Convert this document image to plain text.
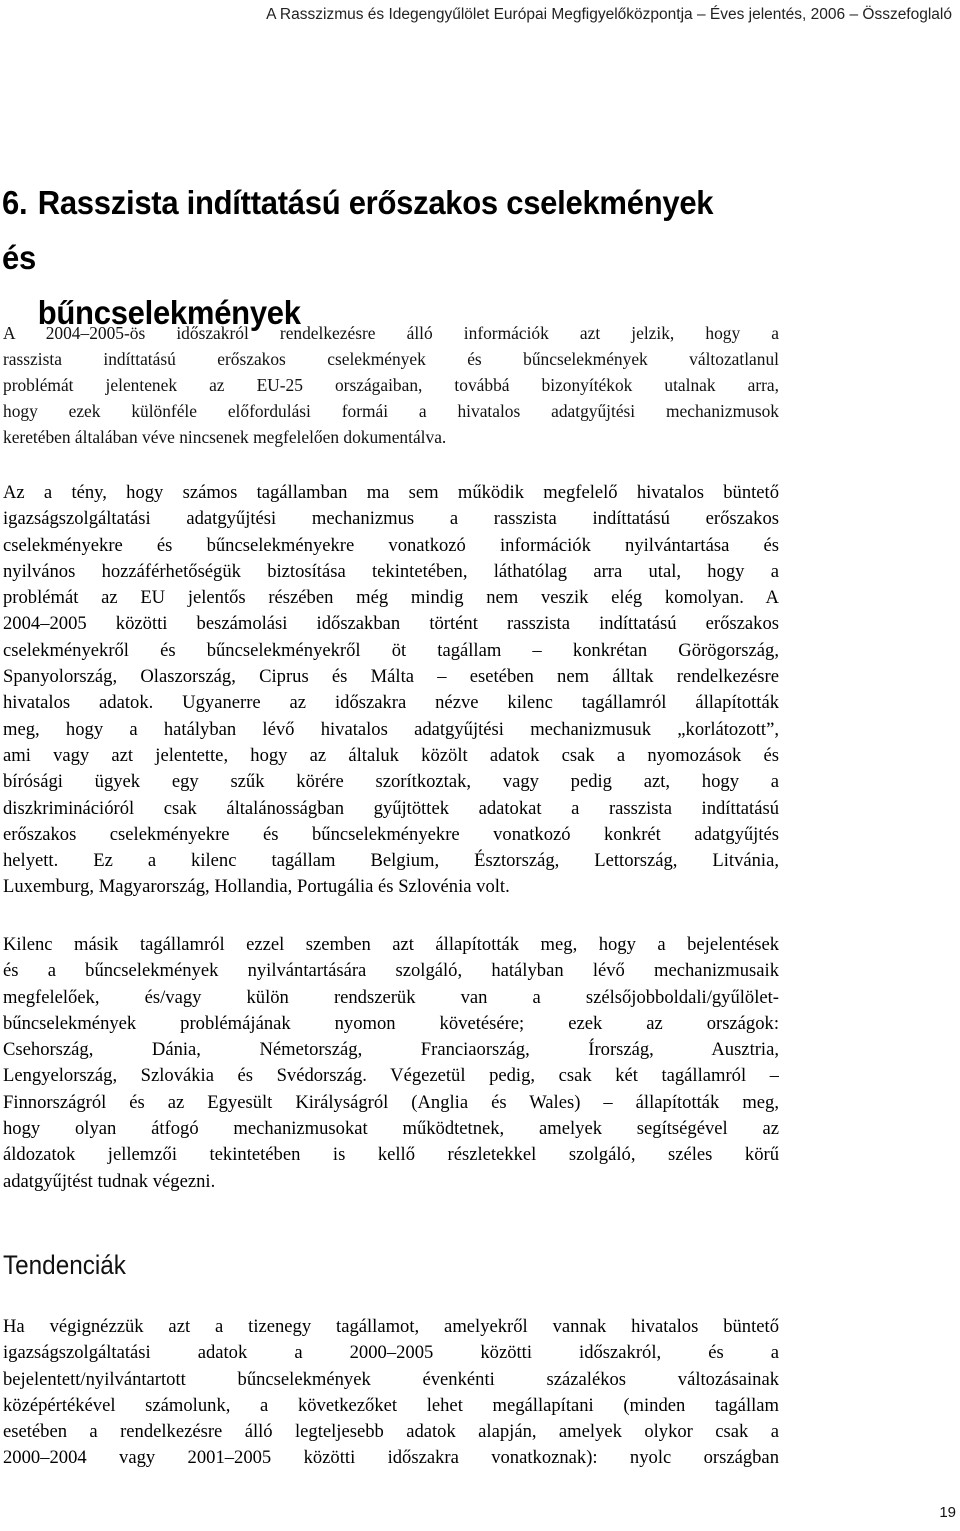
A Rasszizmus és Idegengyűlölet Európai Megfigyelőközpontja – Éves jelentés, 2006 – Összefoglaló
6. Rasszista indíttatású erőszakos cselekmények és
bűncselekmények
A 2004–2005-ös időszakról rendelkezésre álló információk azt jelzik, hogy a
rasszista indíttatású erőszakos cselekmények és bűncselekmények változatlanul
problémát jelentenek az EU-25 országaiban, továbbá bizonyítékok utalnak arra,
hogy ezek különféle előfordulási formái a hivatalos adatgyűjtési mechanizmusok
keretében általában véve nincsenek megfelelően dokumentálva.
Az a tény, hogy számos tagállamban ma sem működik megfelelő hivatalos büntető
igazságszolgáltatási adatgyűjtési mechanizmus a rasszista indíttatású erőszakos
cselekményekre és bűncselekményekre vonatkozó információk nyilvántartása és
nyilvános hozzáférhetőségük biztosítása tekintetében, láthatólag arra utal, hogy a
problémát az EU jelentős részében még mindig nem veszik elég komolyan. A
2004–2005 közötti beszámolási időszakban történt rasszista indíttatású erőszakos
cselekményekről és bűncselekményekről öt tagállam – konkrétan Görögország,
Spanyolország, Olaszország, Ciprus és Málta – esetében nem álltak rendelkezésre
hivatalos adatok. Ugyanerre az időszakra nézve kilenc tagállamról állapították
meg, hogy a hatályban lévő hivatalos adatgyűjtési mechanizmusuk „korlátozott”,
ami vagy azt jelentette, hogy az általuk közölt adatok csak a nyomozások és
bírósági ügyek egy szűk körére szorítkoztak, vagy pedig azt, hogy a
diszkriminációról csak általánosságban gyűjtöttek adatokat a rasszista indíttatású
erőszakos cselekményekre és bűncselekményekre vonatkozó konkrét adatgyűjtés
helyett. Ez a kilenc tagállam Belgium, Észtország, Lettország, Litvánia,
Luxemburg, Magyarország, Hollandia, Portugália és Szlovénia volt.
Kilenc másik tagállamról ezzel szemben azt állapították meg, hogy a bejelentések
és a bűncselekmények nyilvántartására szolgáló, hatályban lévő mechanizmusaik
megfelelőek, és/vagy külön rendszerük van a szélsőjobboldali/gyűlölet-
bűncselekmények problémájának nyomon követésére; ezek az országok:
Csehország, Dánia, Németország, Franciaország, Írország, Ausztria,
Lengyelország, Szlovákia és Svédország. Végezetül pedig, csak két tagállamról –
Finnországról és az Egyesült Királyságról (Anglia és Wales) – állapították meg,
hogy olyan átfogó mechanizmusokat működtetnek, amelyek segítségével az
áldozatok jellemzői tekintetében is kellő részletekkel szolgáló, széles körű
adatgyűjtést tudnak végezni.
Tendenciák
Ha végignézzük azt a tizenegy tagállamot, amelyekről vannak hivatalos büntető
igazságszolgáltatási adatok a 2000–2005 közötti időszakról, és a
bejelentett/nyilvántartott bűncselekmények évenkénti százalékos változásainak
középértékével számolunk, a következőket lehet megállapítani (minden tagállam
esetében a rendelkezésre álló legteljesebb adatok alapján, amelyek olykor csak a
2000–2004 vagy 2001–2005 közötti időszakra vonatkoznak): nyolc országban
19
